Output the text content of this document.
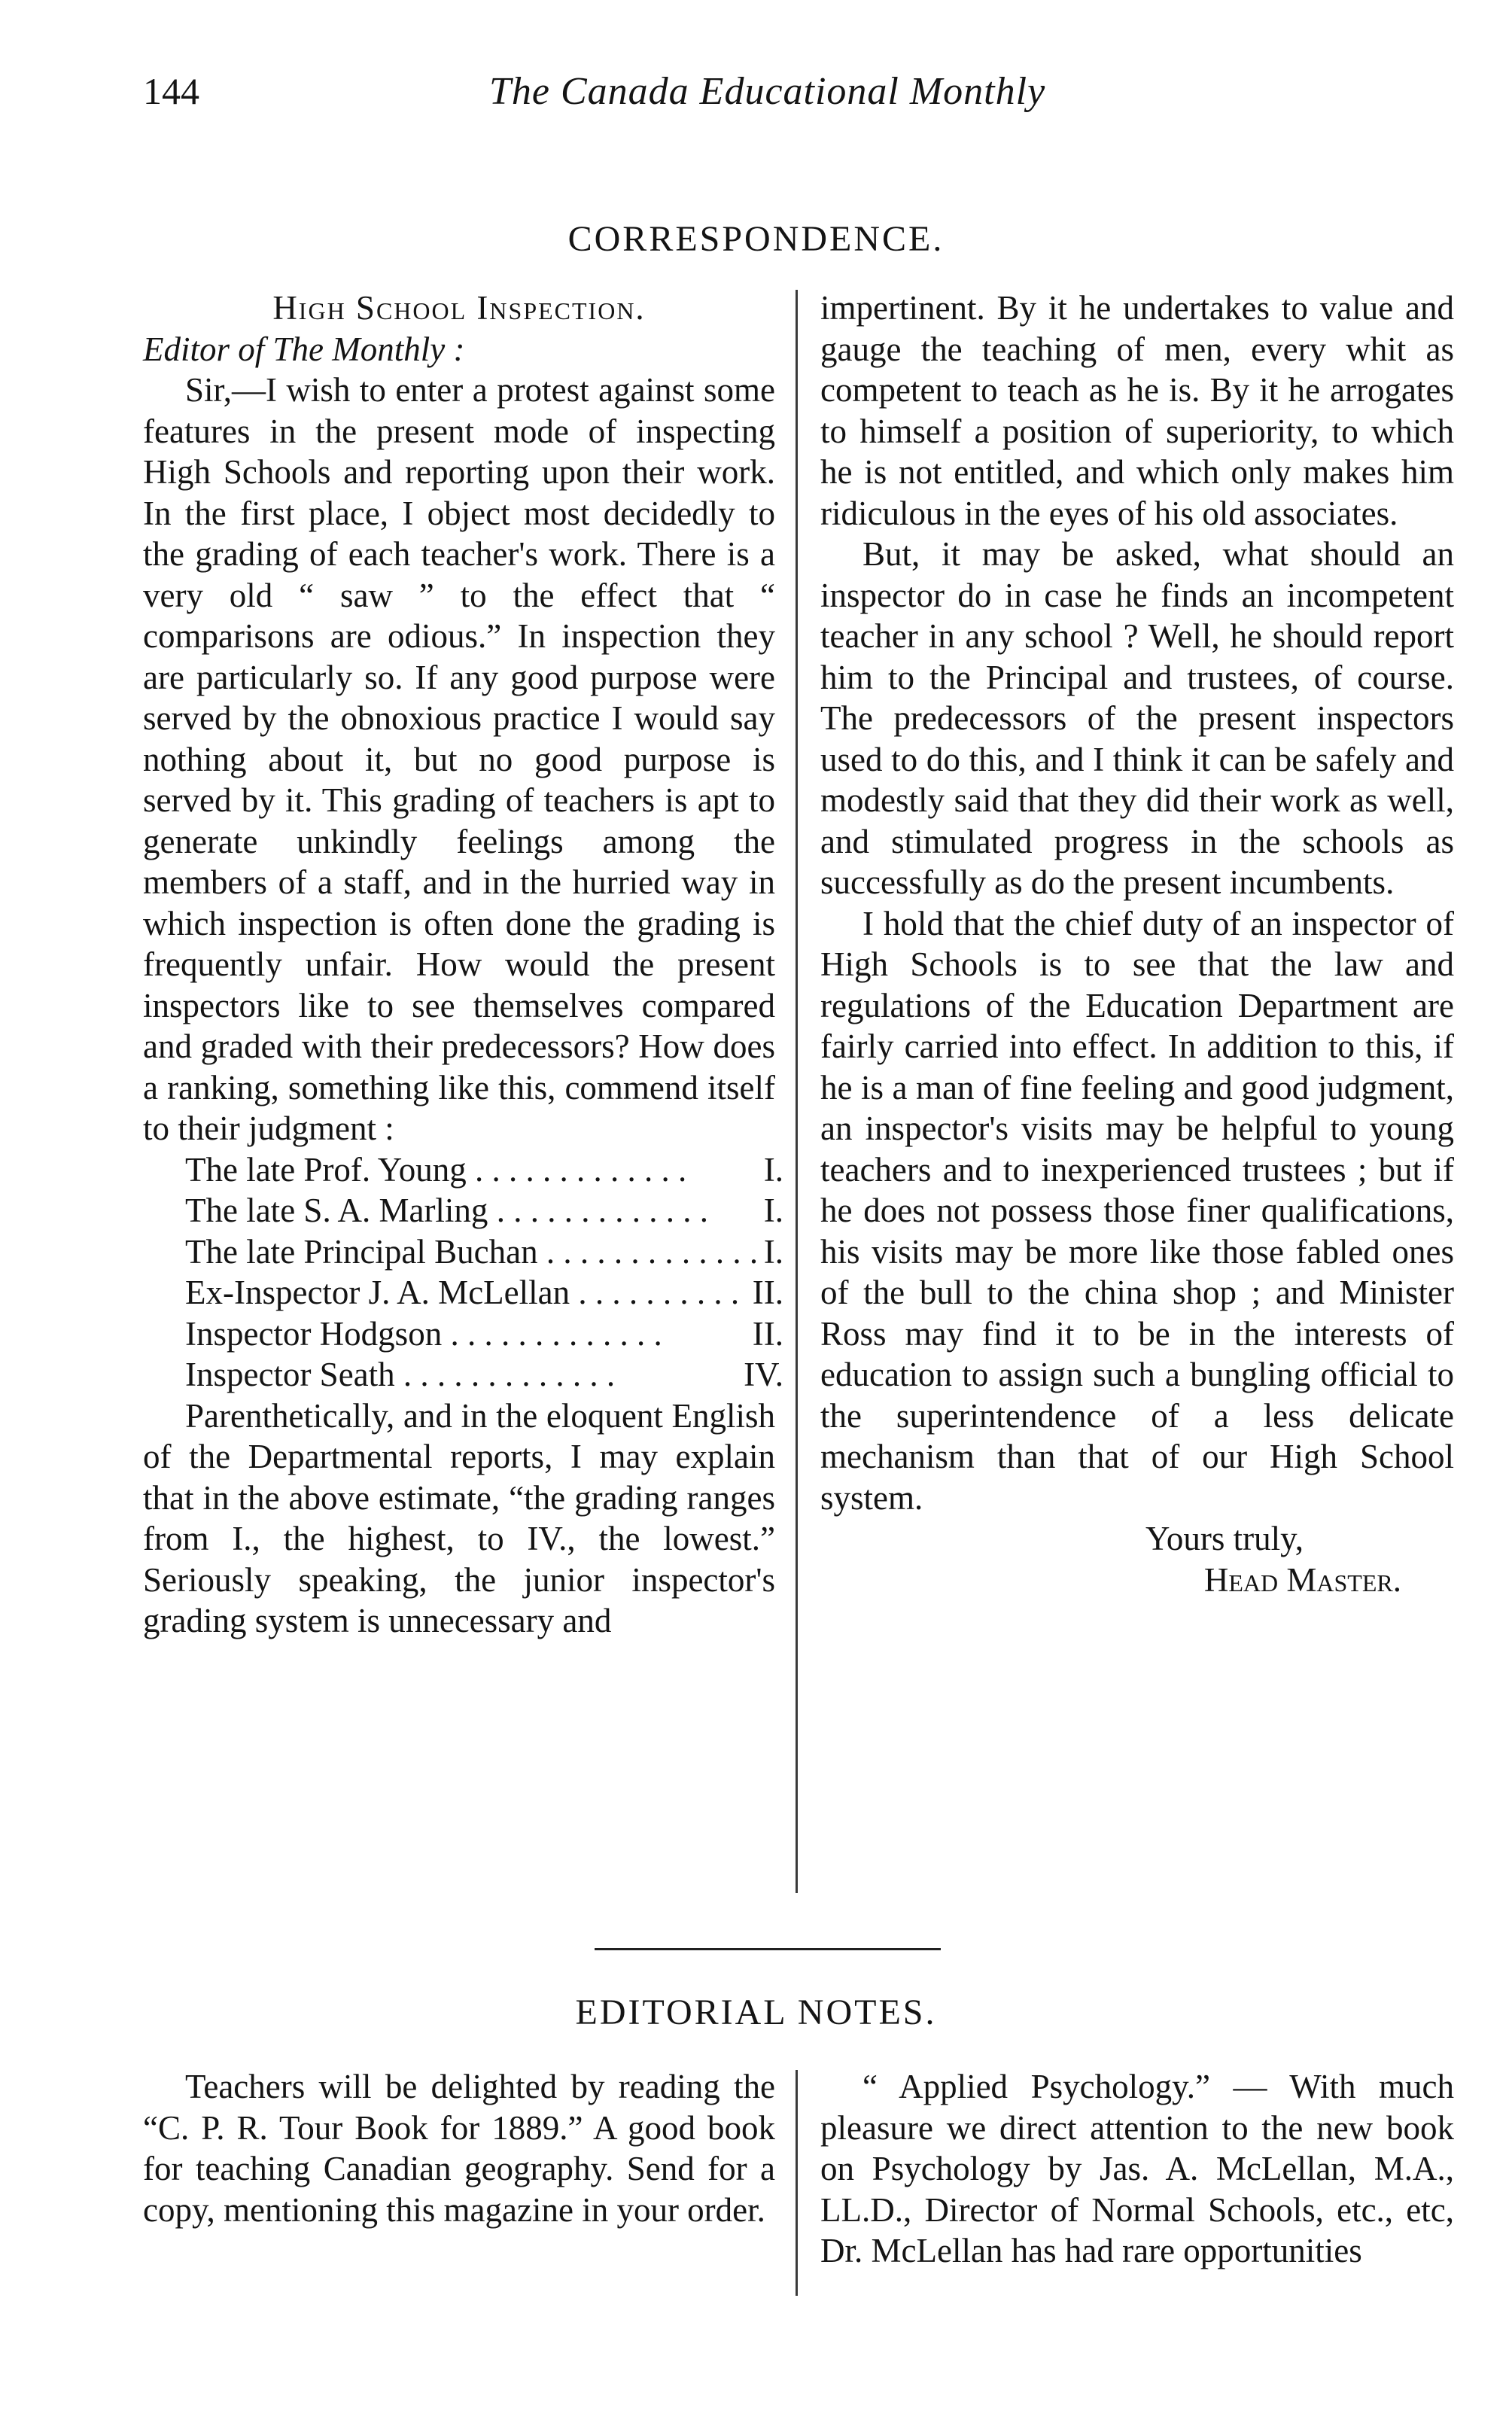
144	The Canada Educational Monthly
CORRESPONDENCE.

High School Inspection.

Editor of The Monthly :

Sir,—I wish to enter a protest against some features in the present mode of inspecting High Schools and reporting upon their work. In the first place, I object most decidedly to the grading of each teacher's work. There is a very old “ saw ” to the effect that “ comparisons are odious.” In inspection they are particularly so. If any good purpose were served by the obnoxious practice I would say nothing about it, but no good purpose is served by it. This grading of teachers is apt to generate unkindly feelings among the members of a staff, and in the hurried way in which inspection is often done the grading is frequently unfair. How would the present inspectors like to see themselves compared and graded with their predecessors? How does a ranking, something like this, commend itself to their judgment :

The late Prof. Young . . .	I.
The late S. A. Marling . . .	I.
The late Principal Buchan . . .	I.
Ex-Inspector J. A. McLellan . . .	II.
Inspector Hodgson . . .	II.
Inspector Seath . . .	IV.

Parenthetically, and in the eloquent English of the Departmental reports, I may explain that in the above estimate, “the grading ranges from I., the highest, to IV., the lowest.” Seriously speaking, the junior inspector's grading system is unnecessary and

impertinent. By it he undertakes to value and gauge the teaching of men, every whit as competent to teach as he is. By it he arrogates to himself a position of superiority, to which he is not entitled, and which only makes him ridiculous in the eyes of his old associates.

But, it may be asked, what should an inspector do in case he finds an incompetent teacher in any school ? Well, he should report him to the Principal and trustees, of course. The predecessors of the present inspectors used to do this, and I think it can be safely and modestly said that they did their work as well, and stimulated progress in the schools as successfully as do the present incumbents.

I hold that the chief duty of an inspector of High Schools is to see that the law and regulations of the Education Department are fairly carried into effect. In addition to this, if he is a man of fine feeling and good judgment, an inspector's visits may be helpful to young teachers and to inexperienced trustees ; but if he does not possess those finer qualifications, his visits may be more like those fabled ones of the bull to the china shop ; and Minister Ross may find it to be in the interests of education to assign such a bungling official to the superintendence of a less delicate mechanism than that of our High School system.

Yours truly,

Head Master.

EDITORIAL NOTES.

Teachers will be delighted by reading the “C. P. R. Tour Book for 1889.” A good book for teaching Canadian geography. Send for a copy, mentioning this magazine in your order.

“ Applied Psychology.” — With much pleasure we direct attention to the new book on Psychology by Jas. A. McLellan, M.A., LL.D., Director of Normal Schools, etc., etc, Dr. McLellan has had rare opportunities
